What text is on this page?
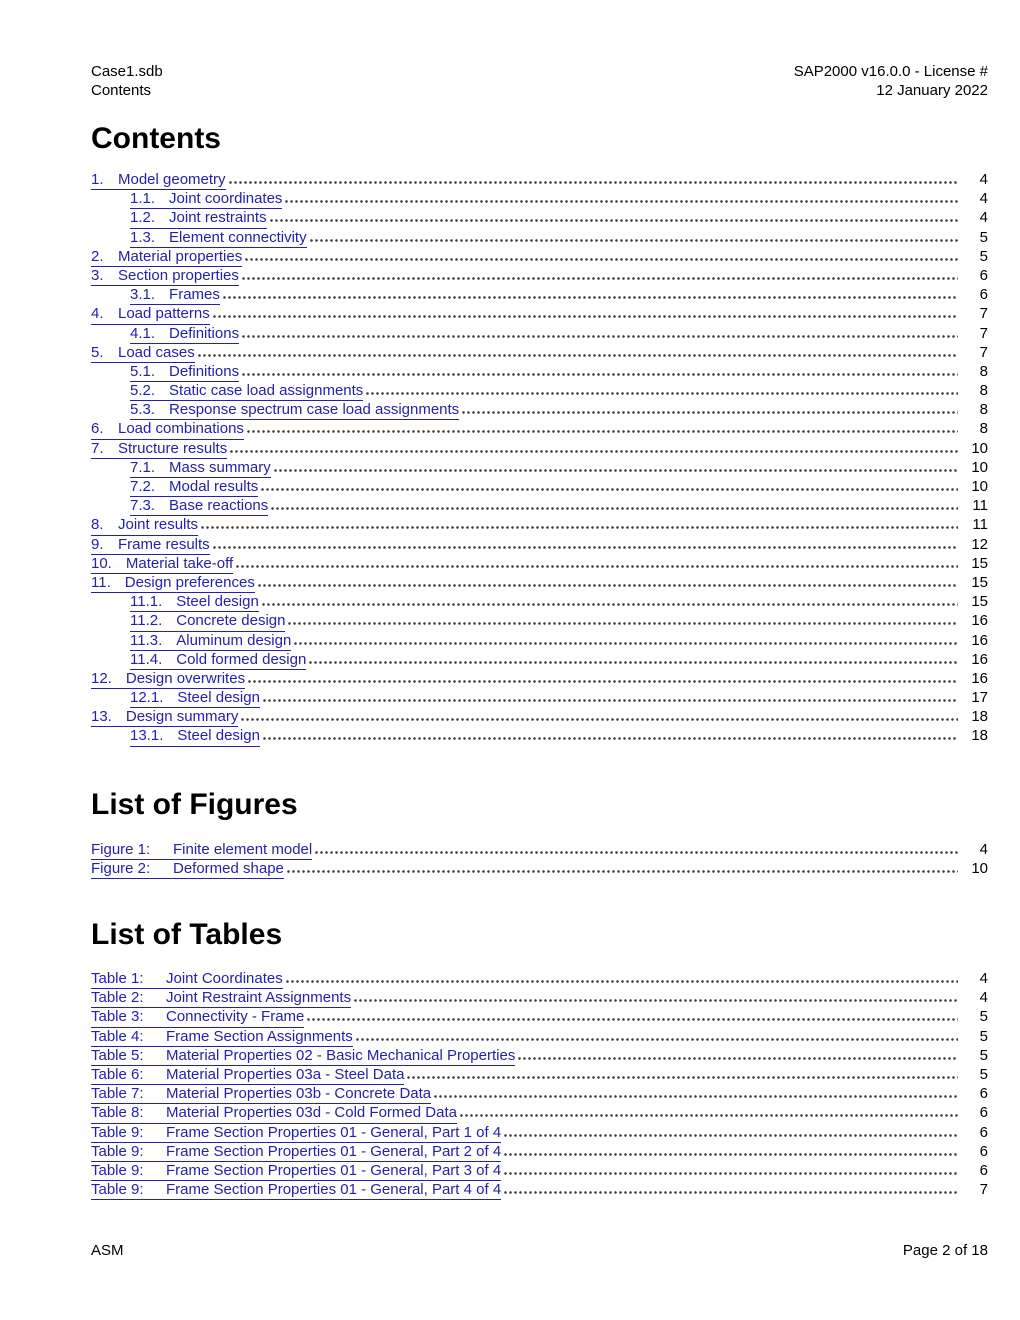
Case1.sdb
Contents
SAP2000 v16.0.0 - License #
12 January 2022
Contents
1. Model geometry	4
1.1. Joint coordinates	4
1.2. Joint restraints	4
1.3. Element connectivity	5
2. Material properties	5
3. Section properties	6
3.1. Frames	6
4. Load patterns	7
4.1. Definitions	7
5. Load cases	7
5.1. Definitions	8
5.2. Static case load assignments	8
5.3. Response spectrum case load assignments	8
6. Load combinations	8
7. Structure results	10
7.1. Mass summary	10
7.2. Modal results	10
7.3. Base reactions	11
8. Joint results	11
9. Frame results	12
10. Material take-off	15
11. Design preferences	15
11.1. Steel design	15
11.2. Concrete design	16
11.3. Aluminum design	16
11.4. Cold formed design	16
12. Design overwrites	16
12.1. Steel design	17
13. Design summary	18
13.1. Steel design	18
List of Figures
Figure 1: Finite element model	4
Figure 2: Deformed shape	10
List of Tables
Table 1: Joint Coordinates	4
Table 2: Joint Restraint Assignments	4
Table 3: Connectivity - Frame	5
Table 4: Frame Section Assignments	5
Table 5: Material Properties 02 - Basic Mechanical Properties	5
Table 6: Material Properties 03a - Steel Data	5
Table 7: Material Properties 03b - Concrete Data	6
Table 8: Material Properties 03d - Cold Formed Data	6
Table 9: Frame Section Properties 01 - General, Part 1 of 4	6
Table 9: Frame Section Properties 01 - General, Part 2 of 4	6
Table 9: Frame Section Properties 01 - General, Part 3 of 4	6
Table 9: Frame Section Properties 01 - General, Part 4 of 4	7
ASM	Page 2 of 18
